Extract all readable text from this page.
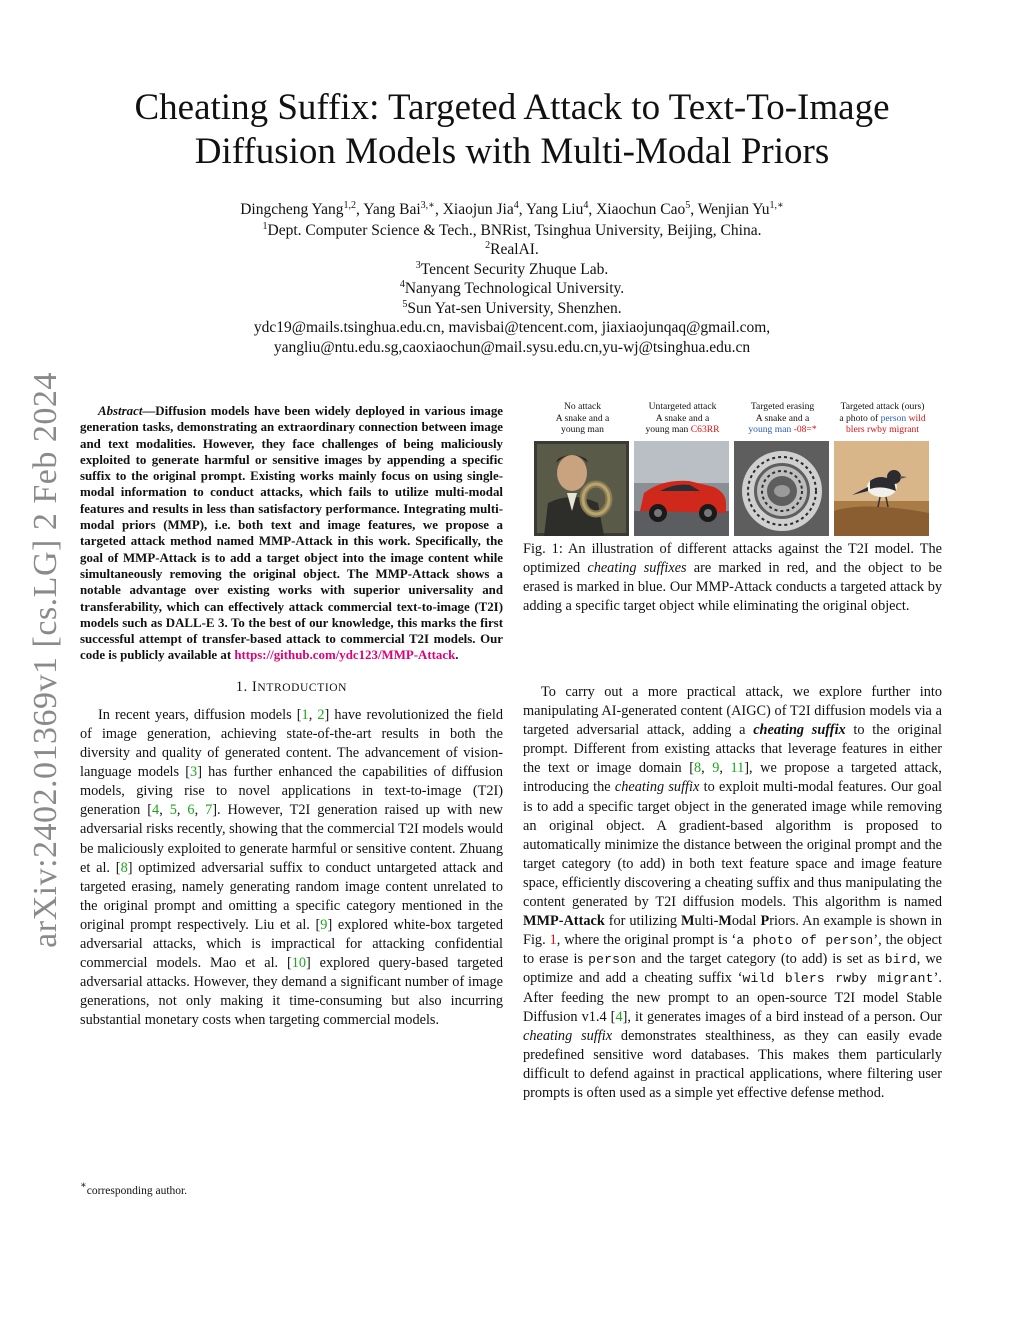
arXiv:2402.01369v1 [cs.LG] 2 Feb 2024
Cheating Suffix: Targeted Attack to Text-To-Image
Diffusion Models with Multi-Modal Priors
Dingcheng Yang$^{1,2}$, Yang Bai$^{3,∗}$, Xiaojun Jia$^4$, Yang Liu$^4$, Xiaochun Cao$^5$, Wenjian $Yu^{1,∗}$
$^1$Dept. Computer Science & Tech., BNRist, Tsinghua University, Beijing, China.
$^2$RealAI.
$^3$Tencent Security Zhuque Lab.
$^4$Nanyang Technological University.
$^5$Sun Yat-sen University, Shenzhen.
ydc19@mails.tsinghua.edu.cn, mavisbai@tencent.com, jiaxiaojunqaq@gmail.com,
yangliu@ntu.edu.sg,caoxiaochun@mail.sysu.edu.cn,yu-wj@tsinghua.edu.cn
Abstract—Diffusion models have been widely deployed in various image generation tasks, demonstrating an extraordinary connection between image and text modalities. However, they face challenges of being maliciously exploited to generate harmful or sensitive images by appending a specific suffix to the original prompt. Existing works mainly focus on using single-modal information to conduct attacks, which fails to utilize multi-modal features and results in less than satisfactory performance. Integrating multi-modal priors (MMP), i.e. both text and image features, we propose a targeted attack method named MMP-Attack in this work. Specifically, the goal of MMP-Attack is to add a target object into the image content while simultaneously removing the original object. The MMP-Attack shows a notable advantage over existing works with superior universality and transferability, which can effectively attack commercial text-to-image (T2I) models such as DALL-E 3. To the best of our knowledge, this marks the first successful attempt of transfer-based attack to commercial T2I models. Our code is publicly available at https://github.com/ydc123/MMP-Attack.
1. INTRODUCTION

In recent years, diffusion models [1, 2] have revolutionized the field of image generation, achieving state-of-the-art results in both the diversity and quality of generated content. The advancement of vision-language models [3] has further enhanced the capabilities of diffusion models, giving rise to novel applications in text-to-image (T2I) generation [4, 5, 6, 7]. However, T2I generation raised up with new adversarial risks recently, showing that the commercial T2I models would be maliciously exploited to generate harmful or sensitive content. Zhuang et al. [8] optimized adversarial suffix to conduct untargeted attack and targeted erasing, namely generating random image content unrelated to the original prompt and omitting a specific category mentioned in the original prompt respectively. Liu et al. [9] explored white-box targeted adversarial attacks, which is impractical for attacking confidential commercial models. Mao et al. [10] explored query-based targeted adversarial attacks. However, they demand a significant number of image generations, not only making it time-consuming but also incurring substantial monetary costs when targeting commercial models.

∗corresponding author.
No attack
A snake and a
young man
Untargeted attack
A snake and a
young man C63RR
Targeted erasing
A snake and a
young man -08=*
Targeted attack (ours)
a photo of person wild
blers rwby migrant
Fig. 1: An illustration of different attacks against the T2I model. The optimized cheating suffixes are marked in red, and the object to be erased is marked in blue. Our MMP-Attack conducts a targeted attack by adding a specific target object while eliminating the original object.

To carry out a more practical attack, we explore further into manipulating AI-generated content (AIGC) of T2I diffusion models via a targeted adversarial attack, adding a cheating suffix to the original prompt. Different from existing attacks that leverage features in either the text or image domain [8, 9, 11], we propose a targeted attack, introducing the cheating suffix to exploit multi-modal features. Our goal is to add a specific target object in the generated image while removing an original object. A gradient-based algorithm is proposed to automatically minimize the distance between the original prompt and the target category (to add) in both text feature space and image feature space, efficiently discovering a cheating suffix and thus manipulating the content generated by T2I diffusion models. This algorithm is named MMP-Attack for utilizing Multi-Modal Priors. An example is shown in Fig. 1, where the original prompt is ‘a photo of person’, the object to erase is person and the target category (to add) is set as bird, we optimize and add a cheating suffix ‘wild blers rwby migrant’. After feeding the new prompt to an open-source T2I model Stable Diffusion v1.4 [4], it generates images of a bird instead of a person. Our cheating suffix demonstrates stealthiness, as they can easily evade predefined sensitive word databases. This makes them particularly difficult to defend against in practical applications, where filtering user prompts is often used as a simple yet effective defense method.
